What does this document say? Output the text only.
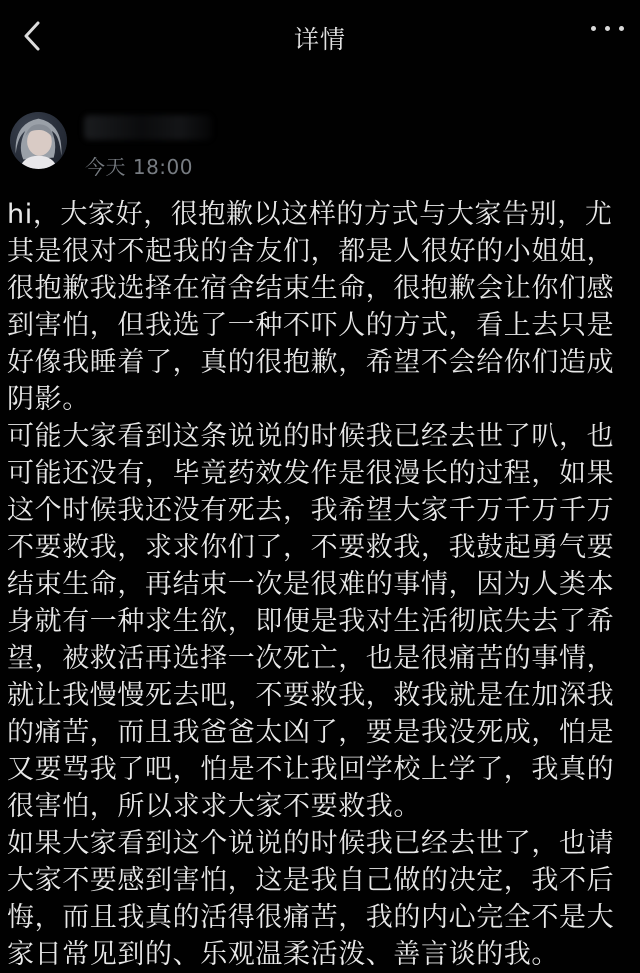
详情
今天 18:00

hi，大家好，很抱歉以这样的方式与大家告别，尤其是很对不起我的舍友们，都是人很好的小姐姐，很抱歉我选择在宿舍结束生命，很抱歉会让你们感到害怕，但我选了一种不吓人的方式，看上去只是好像我睡着了，真的很抱歉，希望不会给你们造成阴影。

可能大家看到这条说说的时候我已经去世了叭，也可能还没有，毕竟药效发作是很漫长的过程，如果这个时候我还没有死去，我希望大家千万千万千万不要救我，求求你们了，不要救我，我鼓起勇气要结束生命，再结束一次是很难的事情，因为人类本身就有一种求生欲，即便是我对生活彻底失去了希望，被救活再选择一次死亡，也是很痛苦的事情，就让我慢慢死去吧，不要救我，救我就是在加深我的痛苦，而且我爸爸太凶了，要是我没死成，怕是又要骂我了吧，怕是不让我回学校上学了，我真的很害怕，所以求求大家不要救我。

如果大家看到这个说说的时候我已经去世了，也请大家不要感到害怕，这是我自己做的决定，我不后悔，而且我真的活得很痛苦，我的内心完全不是大家日常见到的、乐观温柔活泼、善言谈的我。
